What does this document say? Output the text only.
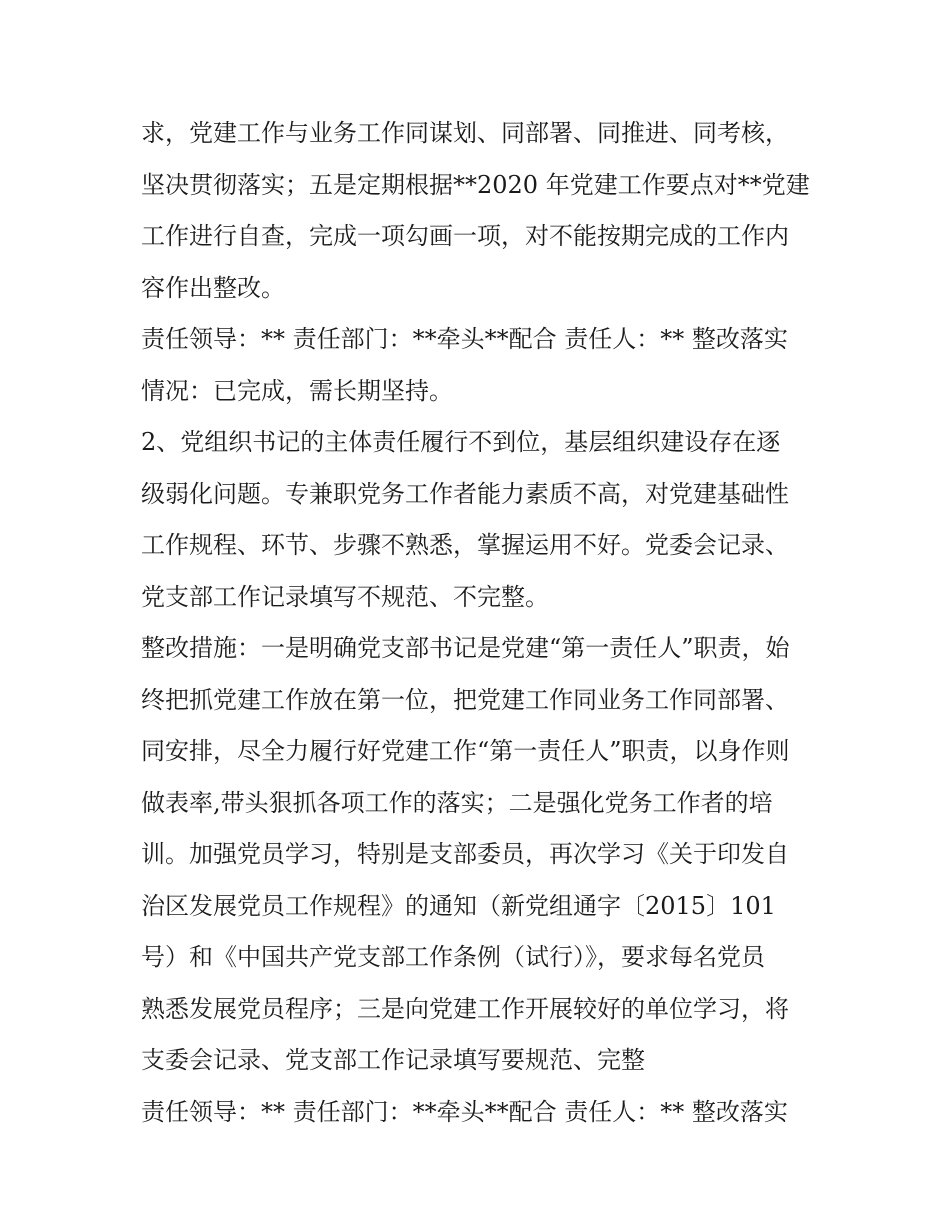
求，党建工作与业务工作同谋划、同部署、同推进、同考核，
坚决贯彻落实；五是定期根据**2020 年党建工作要点对**党建
工作进行自查，完成一项勾画一项，对不能按期完成的工作内
容作出整改。
责任领导：** 责任部门：**牵头**配合 责任人：** 整改落实
情况：已完成，需长期坚持。
2、党组织书记的主体责任履行不到位，基层组织建设存在逐
级弱化问题。专兼职党务工作者能力素质不高，对党建基础性
工作规程、环节、步骤不熟悉，掌握运用不好。党委会记录、
党支部工作记录填写不规范、不完整。
整改措施：一是明确党支部书记是党建“第一责任人”职责，始
终把抓党建工作放在第一位，把党建工作同业务工作同部署、
同安排，尽全力履行好党建工作“第一责任人”职责，以身作则
做表率,带头狠抓各项工作的落实；二是强化党务工作者的培
训。加强党员学习，特别是支部委员，再次学习《关于印发自
治区发展党员工作规程》的通知（新党组通字〔2015〕101
号）和《中国共产党支部工作条例（试行）》，要求每名党员
熟悉发展党员程序；三是向党建工作开展较好的单位学习，将
支委会记录、党支部工作记录填写要规范、完整
责任领导：** 责任部门：**牵头**配合 责任人：** 整改落实
